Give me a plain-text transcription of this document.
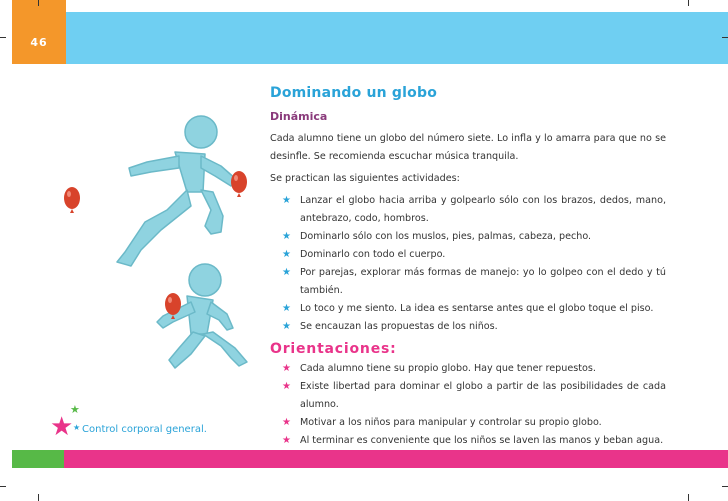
46
★
★
★ Control corporal general.
Dominando un globo
Dinámica

Cada alumno tiene un globo del número siete. Lo infla y lo amarra para que no se desinfle. Se recomienda escuchar música tranquila.

Se practican las siguientes actividades:

★ Lanzar el globo hacia arriba y golpearlo sólo con los brazos, dedos, mano, antebrazo, codo, hombros.
★ Dominarlo sólo con los muslos, pies, palmas, cabeza, pecho.
★ Dominarlo con todo el cuerpo.
★ Por parejas, explorar más formas de manejo: yo lo golpeo con el dedo y tú también.
★ Lo toco y me siento. La idea es sentarse antes que el globo toque el piso.
★ Se encauzan las propuestas de los niños.
Orientaciones:
★ Cada alumno tiene su propio globo. Hay que tener repuestos.
★ Existe libertad para dominar el globo a partir de las posibilidades de cada alumno.
★ Motivar a los niños para manipular y controlar su propio globo.
★ Al terminar es conveniente que los niños se laven las manos y beban agua.
